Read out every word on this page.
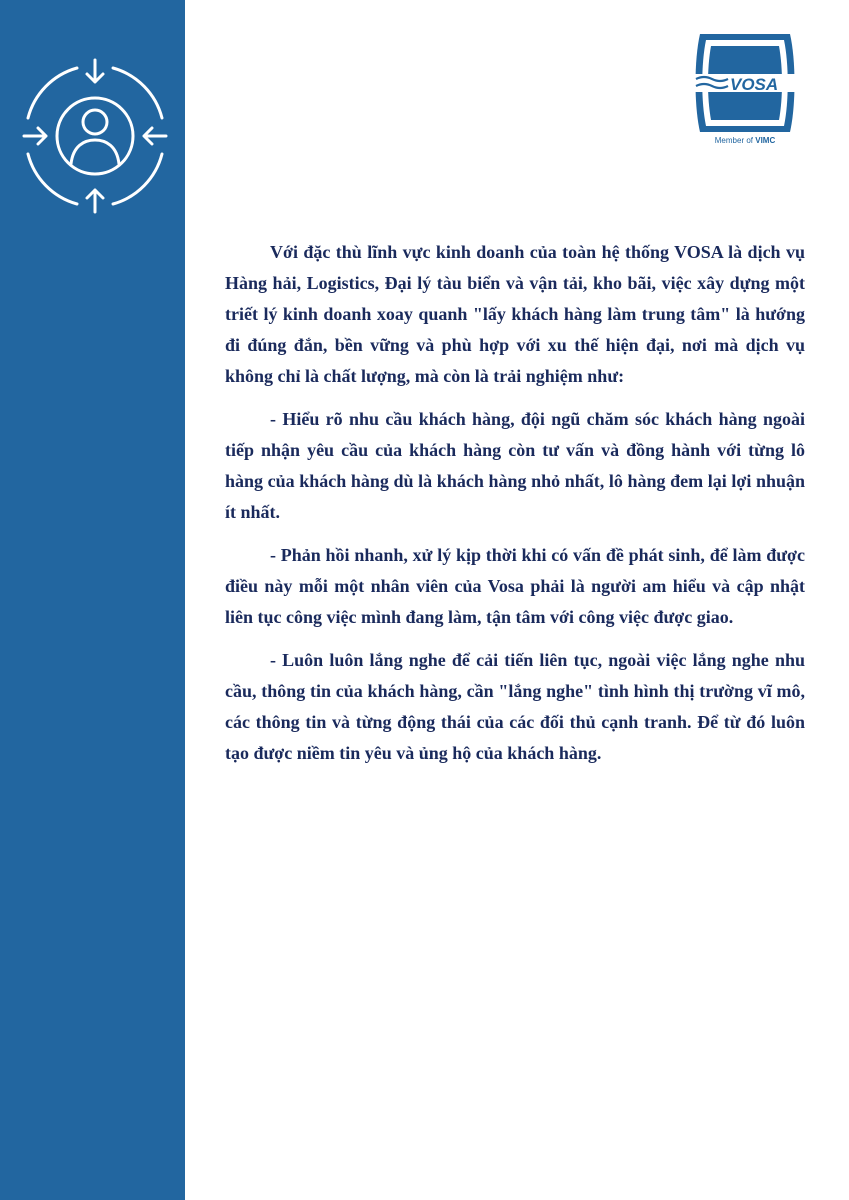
VOSA
Member of VIMC

Với đặc thù lĩnh vực kinh doanh của toàn hệ thống VOSA là dịch vụ Hàng hải, Logistics, Đại lý tàu biển và vận tải, kho bãi, việc xây dựng một triết lý kinh doanh xoay quanh "lấy khách hàng làm trung tâm" là hướng đi đúng đắn, bền vững và phù hợp với xu thế hiện đại, nơi mà dịch vụ không chỉ là chất lượng, mà còn là trải nghiệm như:

- Hiểu rõ nhu cầu khách hàng, đội ngũ chăm sóc khách hàng ngoài tiếp nhận yêu cầu của khách hàng còn tư vấn và đồng hành với từng lô hàng của khách hàng dù là khách hàng nhỏ nhất, lô hàng đem lại lợi nhuận ít nhất.

- Phản hồi nhanh, xử lý kịp thời khi có vấn đề phát sinh, để làm được điều này mỗi một nhân viên của Vosa phải là người am hiểu và cập nhật liên tục công việc mình đang làm, tận tâm với công việc được giao.

- Luôn luôn lắng nghe để cải tiến liên tục, ngoài việc lắng nghe nhu cầu, thông tin của khách hàng, cần "lắng nghe" tình hình thị trường vĩ mô, các thông tin và từng động thái của các đối thủ cạnh tranh. Để từ đó luôn tạo được niềm tin yêu và ủng hộ của khách hàng.
